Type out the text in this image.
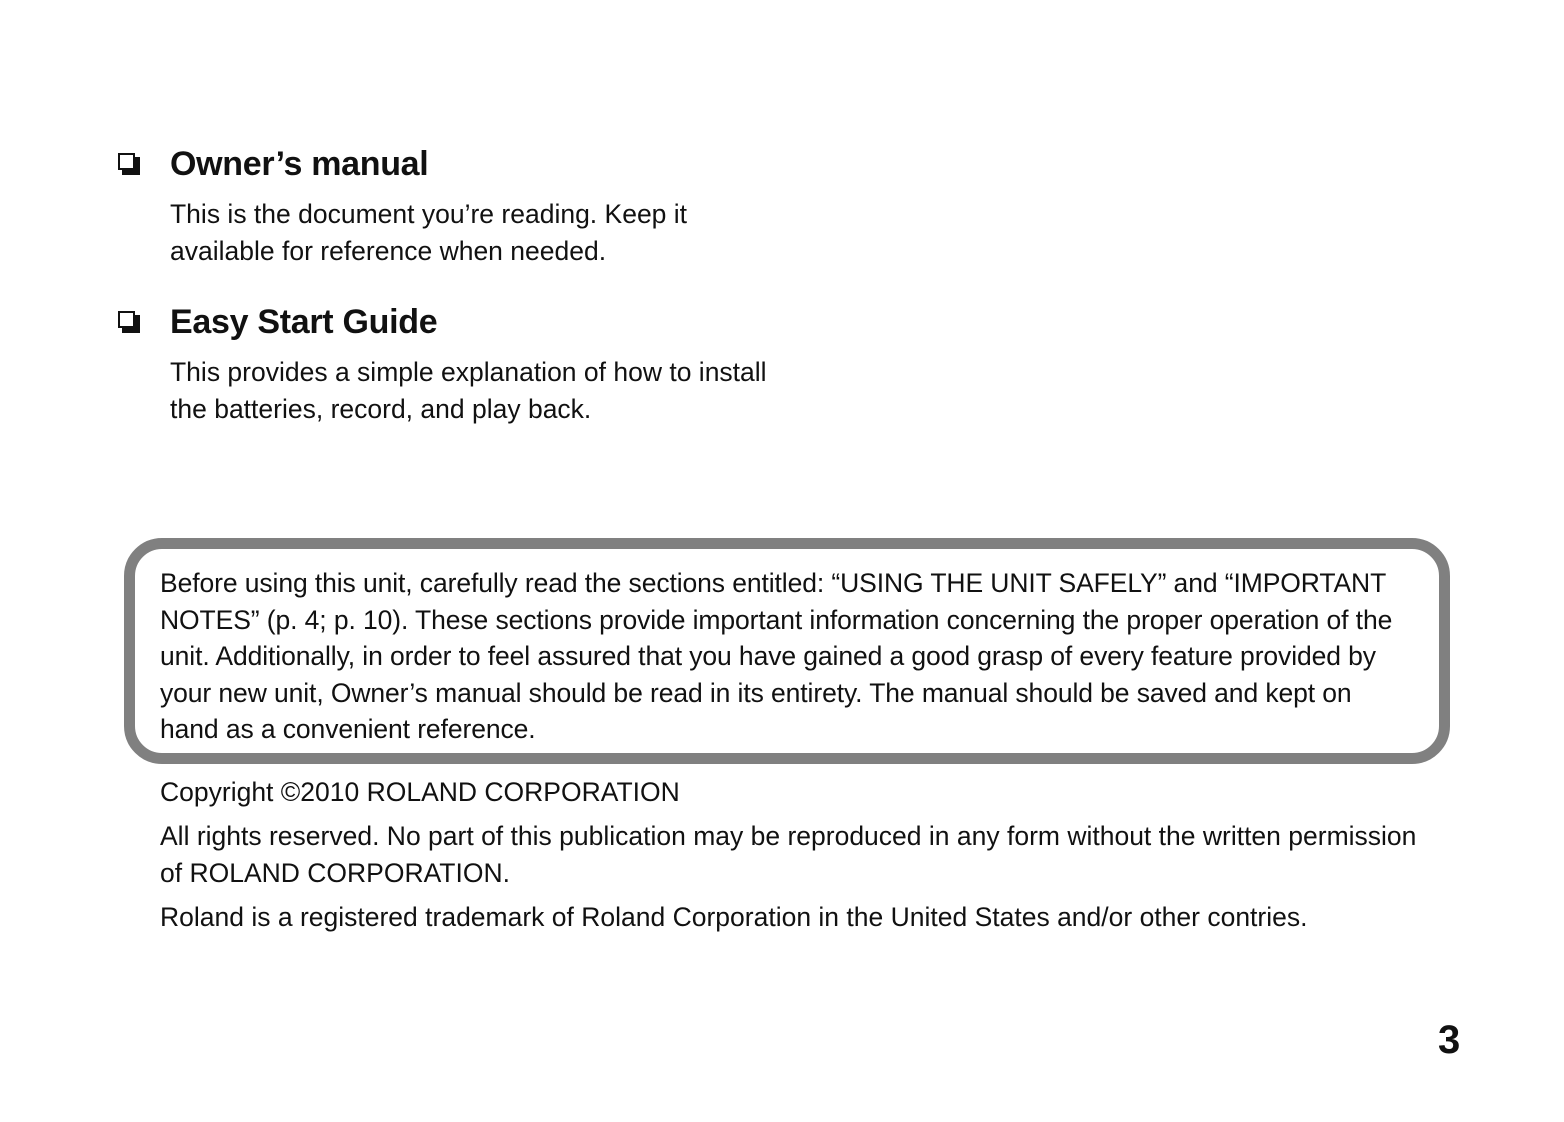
Owner’s manual
This is the document you’re reading. Keep it available for reference when needed.
Easy Start Guide
This provides a simple explanation of how to install the batteries, record, and play back.
Before using this unit, carefully read the sections entitled: “USING THE UNIT SAFELY” and “IMPORTANT NOTES” (p. 4; p. 10). These sections provide important information concerning the proper operation of the unit. Additionally, in order to feel assured that you have gained a good grasp of every feature provided by your new unit, Owner’s manual should be read in its entirety. The manual should be saved and kept on hand as a convenient reference.

Copyright ©2010 ROLAND CORPORATION

All rights reserved. No part of this publication may be reproduced in any form without the written permission of ROLAND CORPORATION.

Roland is a registered trademark of Roland Corporation in the United States and/or other contries.

3
